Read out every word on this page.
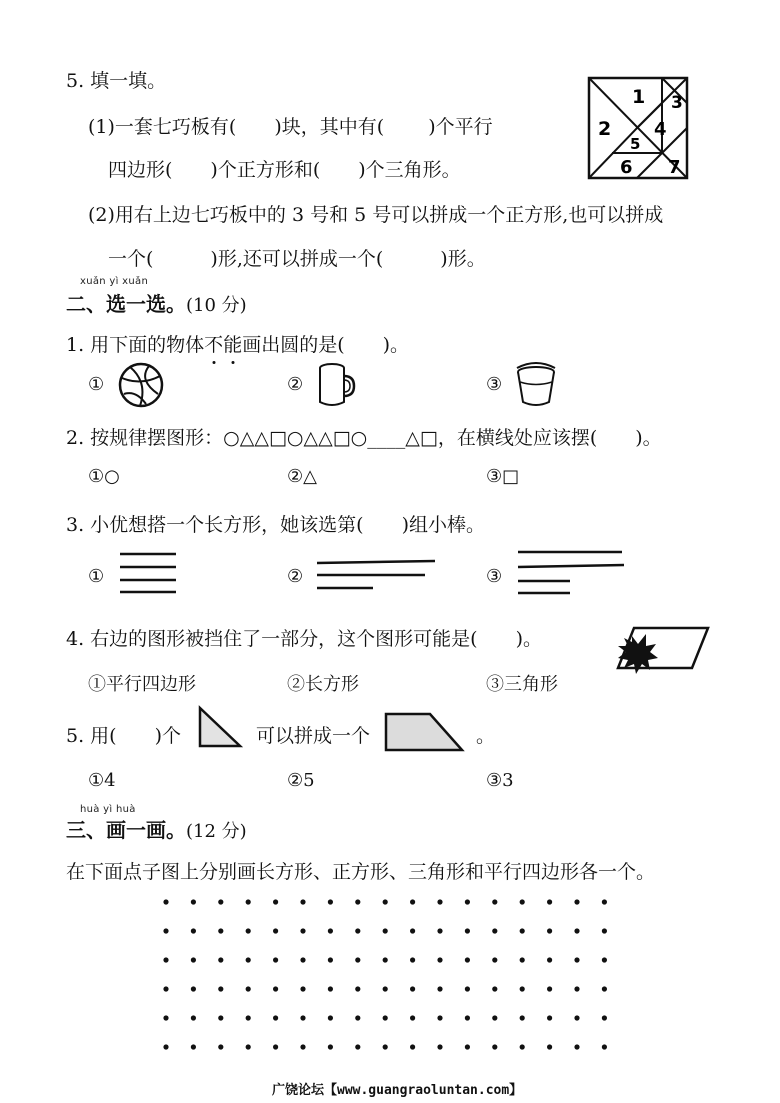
5. 填一填。
(1)一套七巧板有(　　)块，其中有(　　 )个平行
四边形(　　)个正方形和(　　)个三角形。
(2)用右上边七巧板中的 3 号和 5 号可以拼成一个正方形,也可以拼成
一个(　　　)形,还可以拼成一个(　　　)形。
1
2
3
4
5
6 7
xuǎn yì xuǎn
二、选一选。(10 分)
1. 用下面的物体不
能
画出圆的是(　　)。
①	②	③
2. 按规律摆图形：○△△□○△△□○____△□，在横线处应该摆(　　)。
①○	②△	③□
3. 小优想搭一个长方形，她该选第(　　)组小棒。
①	②	③
4. 右边的图形被挡住了一部分，这个图形可能是(　　)。
①平行四边形	②长方形	③三角形
5. 用(　　)个	可以拼成一个	。
①4	②5	③3
huà yì huà
三、画一画。(12 分)
在下面点子图上分别画长方形、正方形、三角形和平行四边形各一个。
广饶论坛【www.guangraoluntan.com】
